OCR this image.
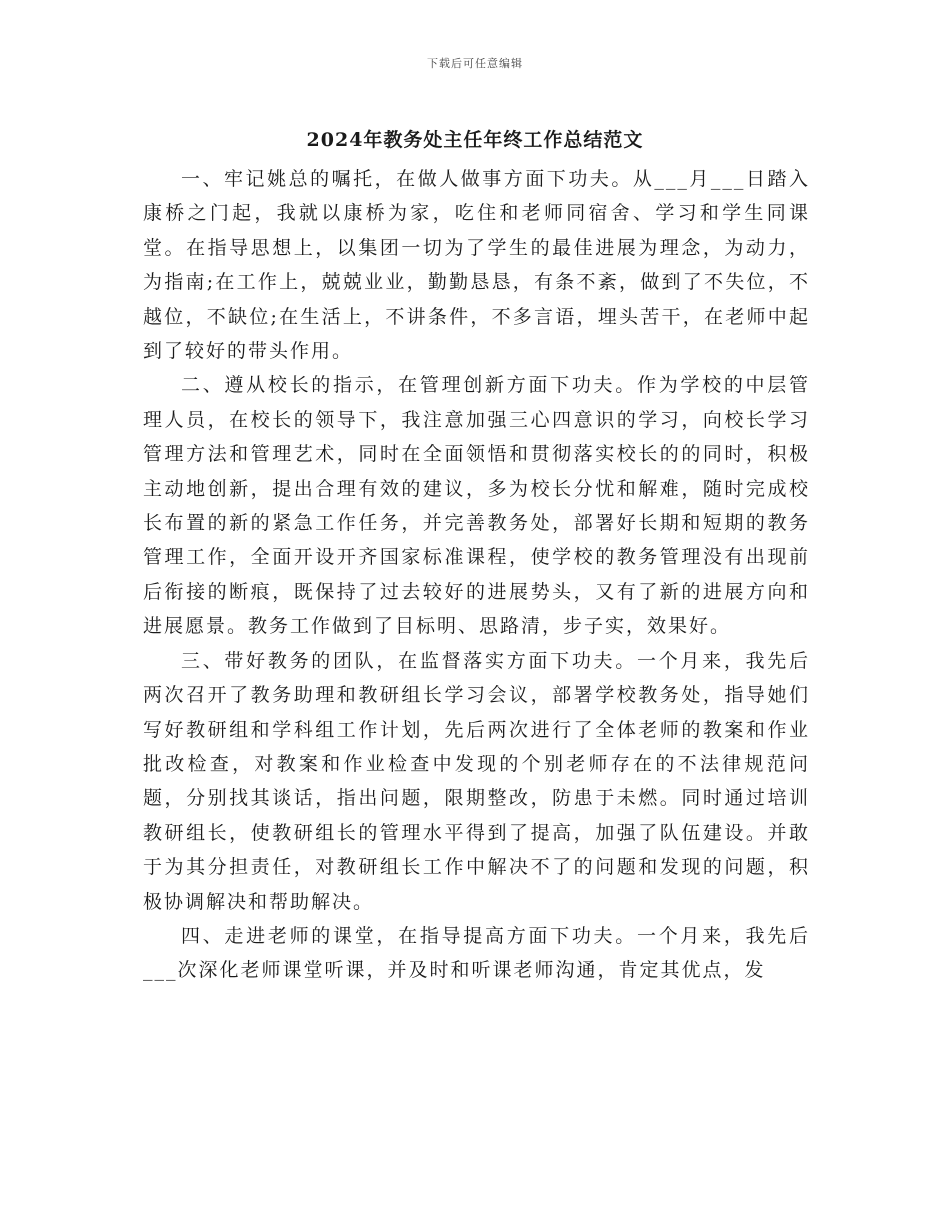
下载后可任意编辑
2024年教务处主任年终工作总结范文

一、牢记姚总的嘱托，在做人做事方面下功夫。从___月___日踏入康桥之门起，我就以康桥为家，吃住和老师同宿舍、学习和学生同课堂。在指导思想上，以集团一切为了学生的最佳进展为理念，为动力，为指南;在工作上，兢兢业业，勤勤恳恳，有条不紊，做到了不失位，不越位，不缺位;在生活上，不讲条件，不多言语，埋头苦干，在老师中起到了较好的带头作用。

二、遵从校长的指示，在管理创新方面下功夫。作为学校的中层管理人员，在校长的领导下，我注意加强三心四意识的学习，向校长学习管理方法和管理艺术，同时在全面领悟和贯彻落实校长的的同时，积极主动地创新，提出合理有效的建议，多为校长分忧和解难，随时完成校长布置的新的紧急工作任务，并完善教务处，部署好长期和短期的教务管理工作，全面开设开齐国家标准课程，使学校的教务管理没有出现前后衔接的断痕，既保持了过去较好的进展势头，又有了新的进展方向和进展愿景。教务工作做到了目标明、思路清，步子实，效果好。

三、带好教务的团队，在监督落实方面下功夫。一个月来，我先后两次召开了教务助理和教研组长学习会议，部署学校教务处，指导她们写好教研组和学科组工作计划，先后两次进行了全体老师的教案和作业批改检查，对教案和作业检查中发现的个别老师存在的不法律规范问题，分别找其谈话，指出问题，限期整改，防患于未燃。同时通过培训教研组长，使教研组长的管理水平得到了提高，加强了队伍建设。并敢于为其分担责任，对教研组长工作中解决不了的问题和发现的问题，积极协调解决和帮助解决。

四、走进老师的课堂，在指导提高方面下功夫。一个月来，我先后___次深化老师课堂听课，并及时和听课老师沟通，肯定其优点，发
